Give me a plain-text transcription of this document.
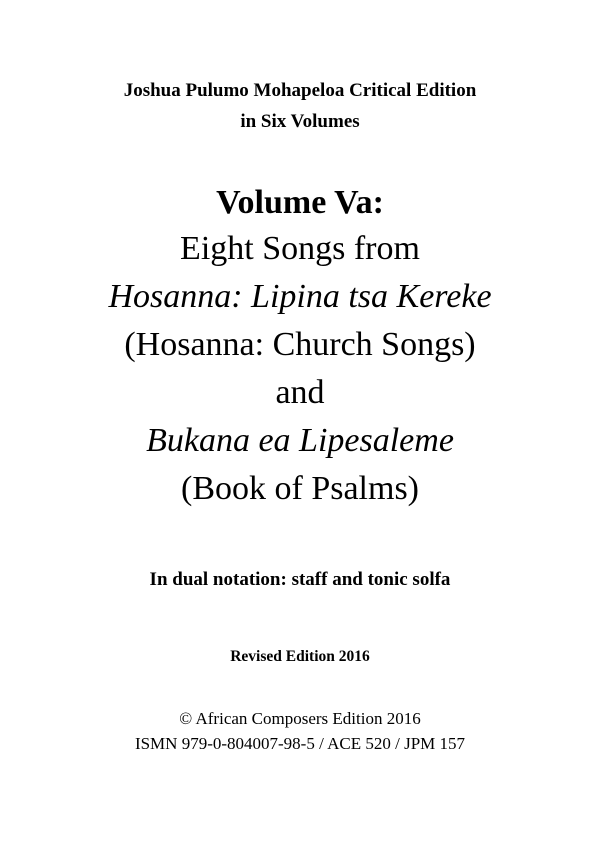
Joshua Pulumo Mohapeloa Critical Edition
in Six Volumes
Volume Va:
Eight Songs from
Hosanna: Lipina tsa Kereke
(Hosanna: Church Songs)
and
Bukana ea Lipesaleme
(Book of Psalms)
In dual notation: staff and tonic solfa
Revised Edition 2016
© African Composers Edition 2016
ISMN 979-0-804007-98-5 / ACE 520 / JPM 157
